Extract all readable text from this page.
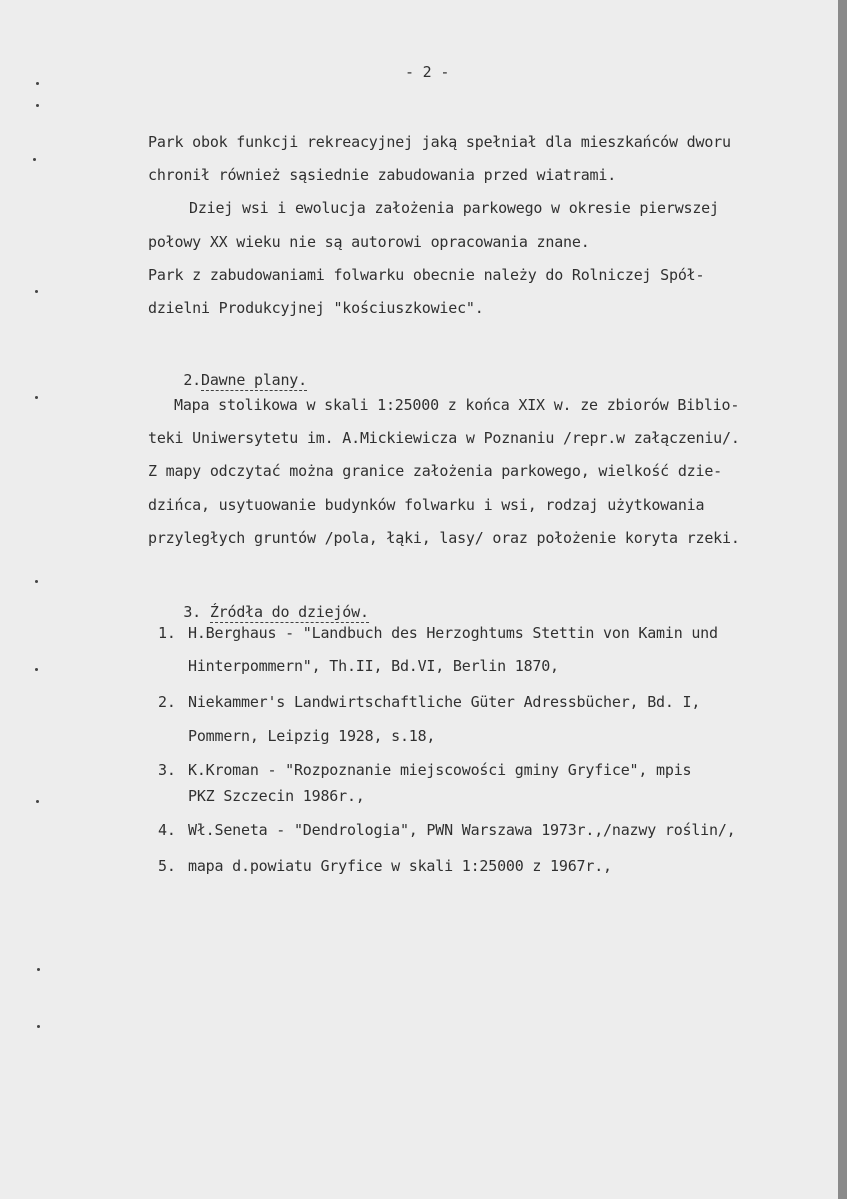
- 2 -
Park obok funkcji rekreacyjnej jaką spełniał dla mieszkańców dworu
chronił również sąsiednie zabudowania przed wiatrami.
Dziej wsi i ewolucja założenia parkowego w okresie pierwszej
połowy XX wieku nie są autorowi opracowania znane.
Park z zabudowaniami folwarku obecnie należy do Rolniczej Spół-
dzielni Produkcyjnej "kościuszkowiec".

2.Dawne plany.

Mapa stolikowa w skali 1:25000 z końca XIX w. ze zbiorów Biblio-
teki Uniwersytetu im. A.Mickiewicza w Poznaniu /repr.w załączeniu/.
Z mapy odczytać można granice założenia parkowego, wielkość dzie-
dzińca, usytuowanie budynków folwarku i wsi, rodzaj użytkowania
przyległych gruntów /pola, łąki, lasy/ oraz położenie koryta rzeki.

3. Źródła do dziejów.

1. H.Berghaus - "Landbuch des Herzoghtums Stettin von Kamin und
Hinterpommern", Th.II, Bd.VI, Berlin 1870,
2. Niekammer's Landwirtschaftliche Güter Adressbücher, Bd. I,
Pommern, Leipzig 1928, s.18,
3. K.Kroman - "Rozpoznanie miejscowości gminy Gryfice", mpis
PKZ Szczecin 1986r.,
4. Wł.Seneta - "Dendrologia", PWN Warszawa 1973r.,/nazwy roślin/,
5. mapa d.powiatu Gryfice w skali 1:25000 z 1967r.,
